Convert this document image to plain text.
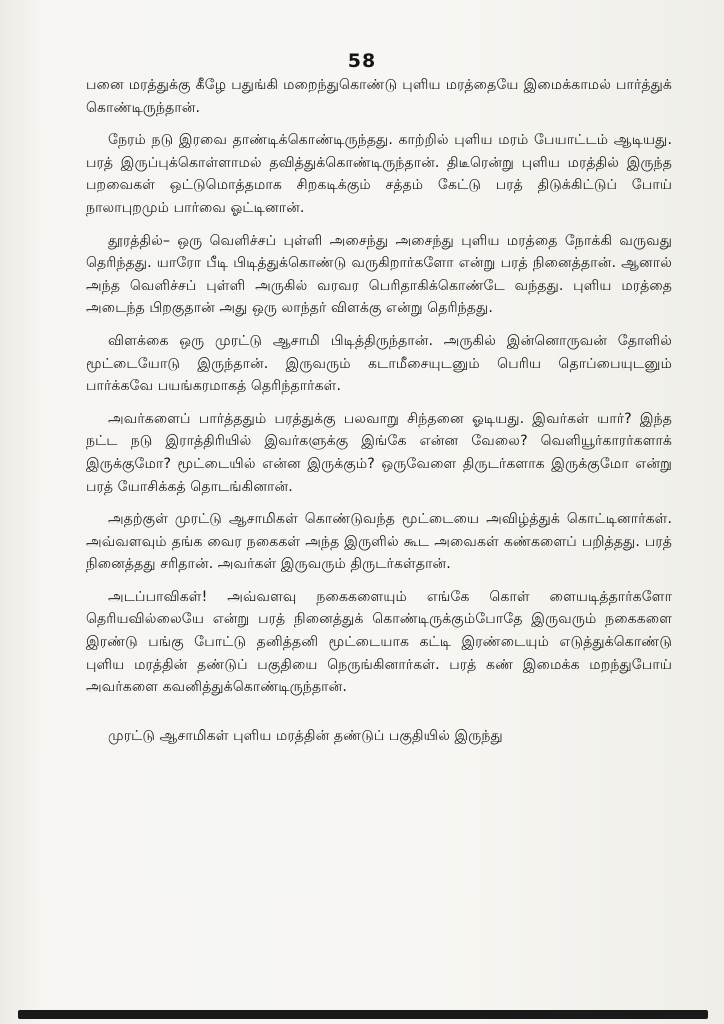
58

பனை மரத்துக்கு கீழே பதுங்கி மறைந்துகொண்டு புளிய மரத்தையே இமைக்காமல் பார்த்துக் கொண்டிருந்தான்.

நேரம் நடு இரவை தாண்டிக்கொண்டிருந்தது. காற்றில் புளிய மரம் பேயாட்டம் ஆடியது. பரத் இருப்புக்கொள்ளாமல் தவித்துக்கொண்டிருந்தான். திடீரென்று புளிய மரத்தில் இருந்த பறவைகள் ஒட்டுமொத்தமாக சிறகடிக்கும் சத்தம் கேட்டு பரத் திடுக்கிட்டுப் போய் நாலாபுறமும் பார்வை ஓட்டினான்.

தூரத்தில்– ஒரு வெளிச்சப் புள்ளி அசைந்து அசைந்து புளிய மரத்தை நோக்கி வருவது தெரிந்தது. யாரோ பீடி பிடித்துக்கொண்டு வருகிறார்களோ என்று பரத் நினைத்தான். ஆனால் அந்த வெளிச்சப் புள்ளி அருகில் வரவர பெரிதாகிக்கொண்டே வந்தது. புளிய மரத்தை அடைந்த பிறகுதான் அது ஒரு லாந்தர் விளக்கு என்று தெரிந்தது.

விளக்கை ஒரு முரட்டு ஆசாமி பிடித்திருந்தான். அருகில் இன்னொருவன் தோளில் மூட்டையோடு இருந்தான். இருவரும் கடாமீசையுடனும் பெரிய தொப்பையுடனும் பார்க்கவே பயங்கரமாகத் தெரிந்தார்கள்.

அவர்களைப் பார்த்ததும் பரத்துக்கு பலவாறு சிந்தனை ஓடியது. இவர்கள் யார்? இந்த நட்ட நடு இராத்திரியில் இவர்களுக்கு இங்கே என்ன வேலை? வெளியூர்காரர்களாக் இருக்குமோ? மூட்டையில் என்ன இருக்கும்? ஒருவேளை திருடர்களாக இருக்குமோ என்று பரத் யோசிக்கத் தொடங்கினான்.

அதற்குள் முரட்டு ஆசாமிகள் கொண்டுவந்த மூட்டையை அவிழ்த்துக் கொட்டினார்கள். அவ்வளவும் தங்க வைர நகைகள் அந்த இருளில் கூட அவைகள் கண்களைப் பறித்தது. பரத் நினைத்தது சரிதான். அவர்கள் இருவரும் திருடர்கள்தான்.

அடப்பாவிகள்! அவ்வளவு நகைகளையும் எங்கே கொள் ளையடித்தார்களோ தெரியவில்லையே என்று பரத் நினைத்துக் கொண்டிருக்கும்போதே இருவரும் நகைகளை இரண்டு பங்கு போட்டு தனித்தனி மூட்டையாக கட்டி இரண்டையும் எடுத்துக்கொண்டு புளிய மரத்தின் தண்டுப் பகுதியை நெருங்கினார்கள். பரத் கண் இமைக்க மறந்துபோய் அவர்களை கவனித்துக்கொண்டிருந்தான்.

முரட்டு ஆசாமிகள் புளிய மரத்தின் தண்டுப் பகுதியில் இருந்து
